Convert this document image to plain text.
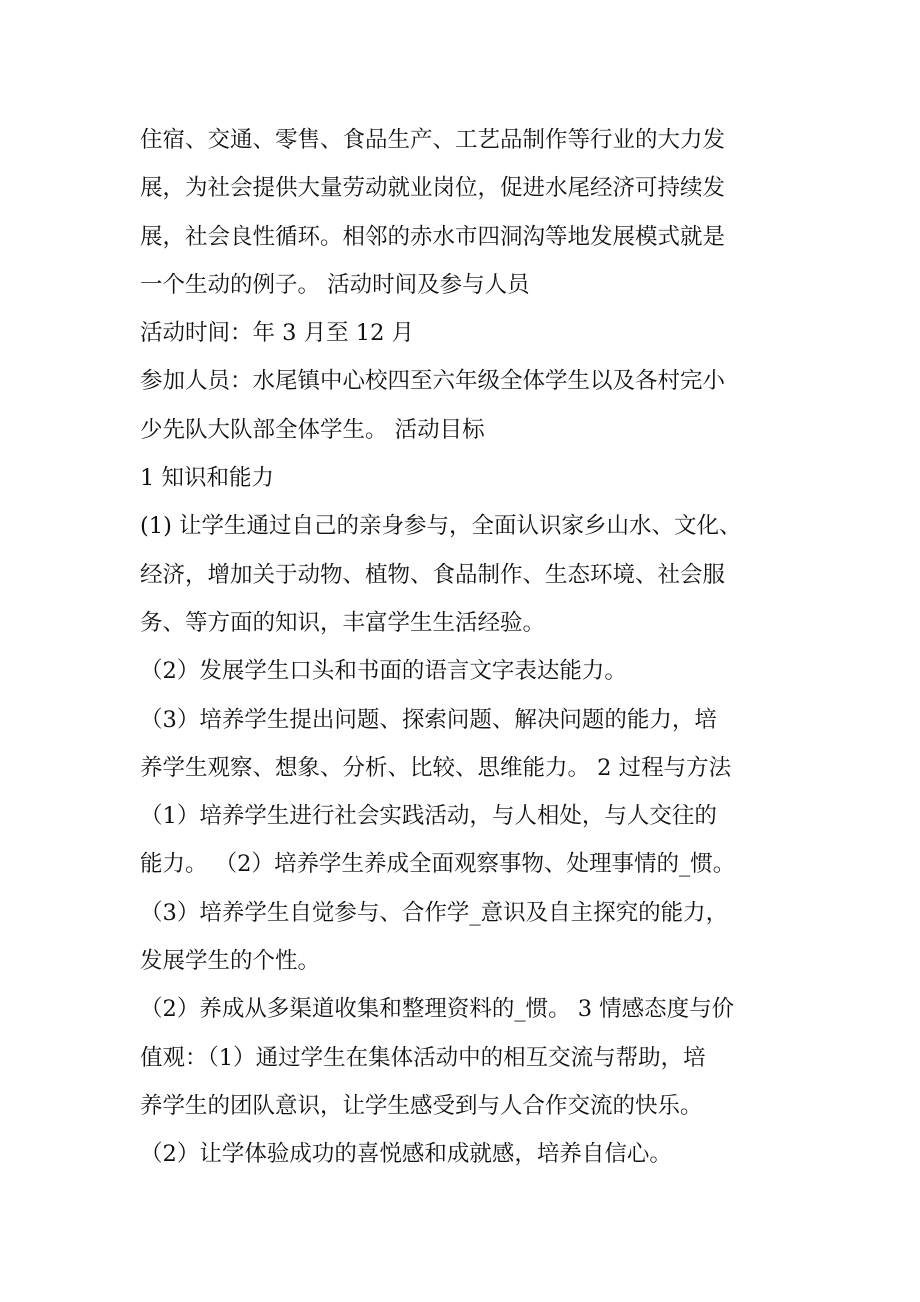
住宿、交通、零售、食品生产、工艺品制作等行业的大力发
展，为社会提供大量劳动就业岗位，促进水尾经济可持续发
展，社会良性循环。相邻的赤水市四洞沟等地发展模式就是
一个生动的例子。 活动时间及参与人员
活动时间：年 3 月至 12 月
参加人员：水尾镇中心校四至六年级全体学生以及各村完小
少先队大队部全体学生。 活动目标
1 知识和能力
(1) 让学生通过自己的亲身参与，全面认识家乡山水、文化、
经济，增加关于动物、植物、食品制作、生态环境、社会服
务、等方面的知识，丰富学生生活经验。
（2）发展学生口头和书面的语言文字表达能力。
（3）培养学生提出问题、探索问题、解决问题的能力，培
养学生观察、想象、分析、比较、思维能力。 2 过程与方法
（1）培养学生进行社会实践活动，与人相处，与人交往的
能力。 （2）培养学生养成全面观察事物、处理事情的_惯。
（3）培养学生自觉参与、合作学_意识及自主探究的能力，
发展学生的个性。
（2）养成从多渠道收集和整理资料的_惯。 3 情感态度与价
值观：（1）通过学生在集体活动中的相互交流与帮助，培
养学生的团队意识，让学生感受到与人合作交流的快乐。
（2）让学体验成功的喜悦感和成就感，培养自信心。
